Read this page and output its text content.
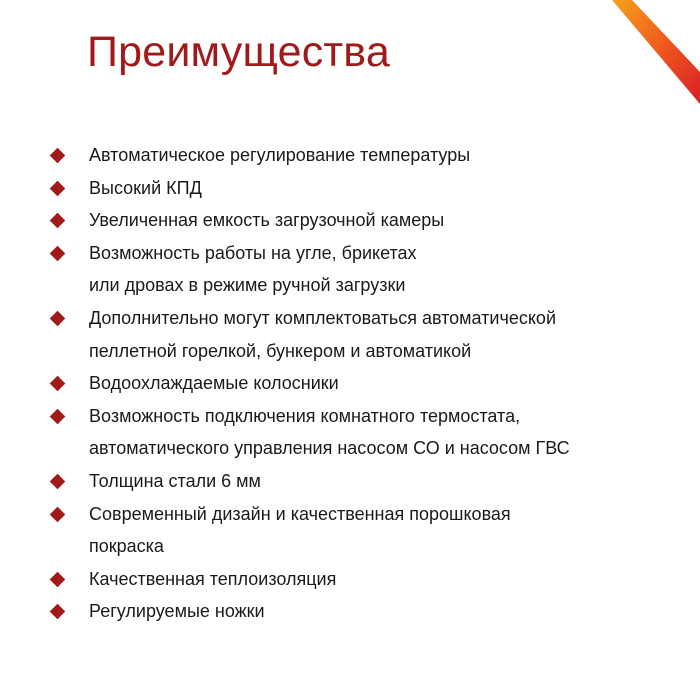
Преимущества
Автоматическое регулирование температуры
Высокий КПД
Увеличенная емкость загрузочной камеры
Возможность работы на угле, брикетах
или дровах в режиме ручной загрузки
Дополнительно могут комплектоваться автоматической
пеллетной горелкой, бункером и автоматикой
Водоохлаждаемые колосники
Возможность подключения комнатного термостата,
автоматического управления насосом СО и насосом ГВС
Толщина стали 6 мм
Современный дизайн и качественная порошковая
покраска
Качественная теплоизоляция
Регулируемые ножки
